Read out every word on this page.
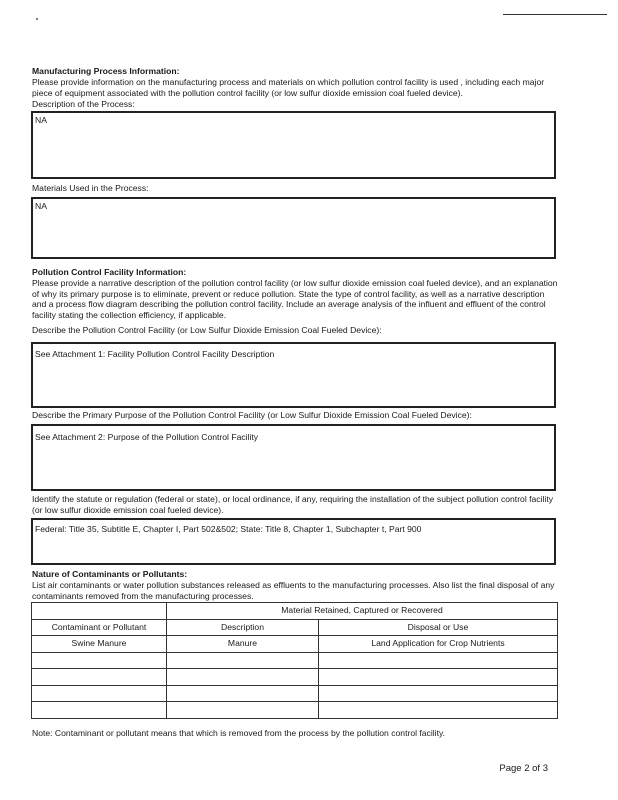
Manufacturing Process Information:
Please provide information on the manufacturing process and materials on which pollution control facility is used , including each major piece of equipment associated with the pollution control facility (or low sulfur dioxide emission coal fueled device).
Description of the Process:
NA
Materials Used in the Process:
NA
Pollution Control Facility Information:
Please provide a narrative description of the pollution control facility (or low sulfur dioxide emission coal fueled device), and an explanation of why its primary purpose is to eliminate, prevent or reduce pollution. State the type of control facility, as well as a narrative description and a process flow diagram describing the pollution control facility. Include an average analysis of the influent and effluent of the control facility stating the collection efficiency, if applicable.
Describe the Pollution Control Facility (or Low Sulfur Dioxide Emission Coal Fueled Device):
See Attachment 1: Facility Pollution Control Facility Description
Describe the Primary Purpose of the Pollution Control Facility (or Low Sulfur Dioxide Emission Coal Fueled Device):
See Attachment 2: Purpose of the Pollution Control Facility
Identify the statute or regulation (federal or state), or local ordinance, if any, requiring the installation of the subject pollution control facility (or low sulfur dioxide emission coal fueled device).
Federal: Title 35, Subtitle E, Chapter I, Part 502&502; State: Title 8, Chapter 1, Subchapter t, Part 900
Nature of Contaminants or Pollutants:
List air contaminants or water pollution substances released as effluents to the manufacturing processes. Also list the final disposal of any contaminants removed from the manufacturing processes.
	Material Retained, Captured or Recovered	
Contaminant or Pollutant	Description	Disposal or Use
Swine Manure	Manure	Land Application for Crop Nutrients

Note: Contaminant or pollutant means that which is removed from the process by the pollution control facility.
Page 2 of 3
